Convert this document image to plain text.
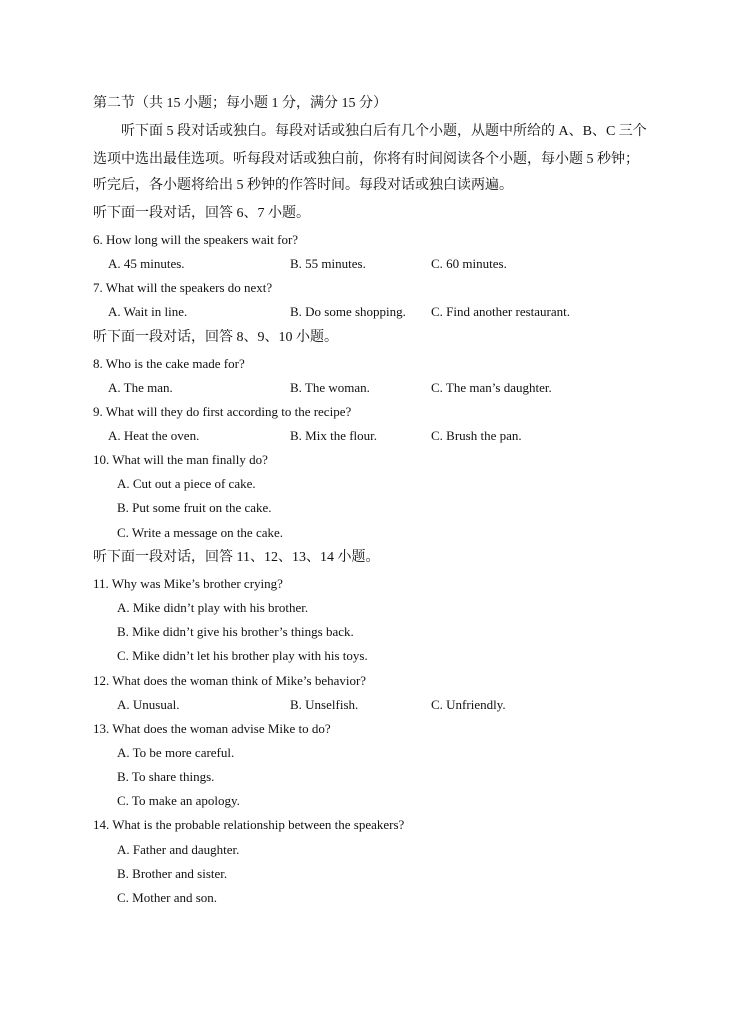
第二节（共 15 小题；每小题 1 分，满分 15 分）
听下面 5 段对话或独白。每段对话或独白后有几个小题，从题中所给的 A、B、C 三个
选项中选出最佳选项。听每段对话或独白前，你将有时间阅读各个小题，每小题 5 秒钟；
听完后，各小题将给出 5 秒钟的作答时间。每段对话或独白读两遍。
听下面一段对话，回答 6、7 小题。
6. How long will the speakers wait for?
A. 45 minutes.	B. 55 minutes.	C. 60 minutes.
7. What will the speakers do next?
A. Wait in line.	B. Do some shopping. C. Find another restaurant.
听下面一段对话，回答 8、9、10 小题。
8. Who is the cake made for?
A. The man.	B. The woman.	C. The man’s daughter.
9. What will they do first according to the recipe?
A. Heat the oven.	B. Mix the flour.	C. Brush the pan.
10. What will the man finally do?
A. Cut out a piece of cake.
B. Put some fruit on the cake.
C. Write a message on the cake.
听下面一段对话，回答 11、12、13、14 小题。
11. Why was Mike’s brother crying?
A. Mike didn’t play with his brother.
B. Mike didn’t give his brother’s things back.
C. Mike didn’t let his brother play with his toys.
12. What does the woman think of Mike’s behavior?
A. Unusual.	B. Unselfish.	C. Unfriendly.
13. What does the woman advise Mike to do?
A. To be more careful.
B. To share things.
C. To make an apology.
14. What is the probable relationship between the speakers?
A. Father and daughter.
B. Brother and sister.
C. Mother and son.
